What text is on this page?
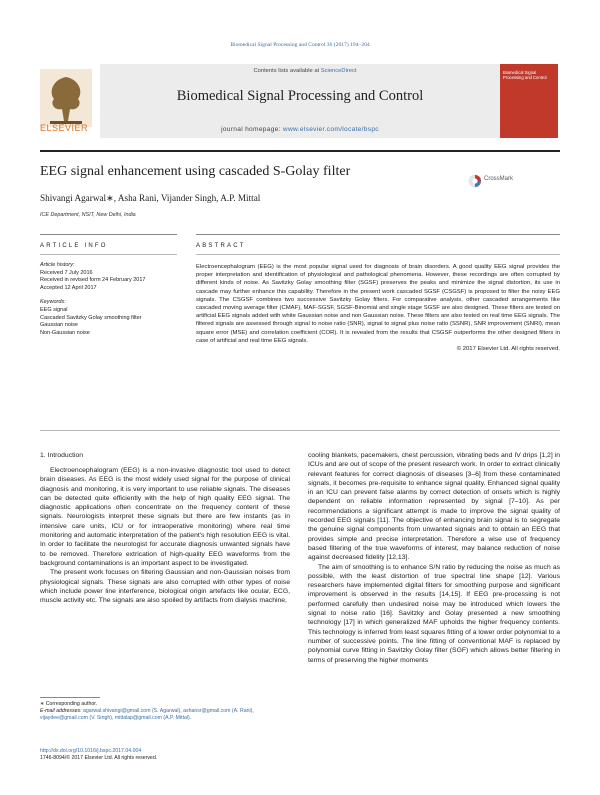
Biomedical Signal Processing and Control 36 (2017) 194–204
ELSEVIER
Contents lists available at ScienceDirect
Biomedical Signal Processing and Control
journal homepage: www.elsevier.com/locate/bspc
Biomedical Signal Processing and Control
EEG signal enhancement using cascaded S-Golay filter	CrossMark
Shivangi Agarwal∗, Asha Rani, Vijander Singh, A.P. Mittal
ICE Department, NSIT, New Delhi, India
ARTICLE INFO	ABSTRACT
Article history:
Received 7 July 2016
Received in revised form 24 February 2017
Accepted 12 April 2017
Keywords:
EEG signal
Cascaded Savitzky Golay smoothing filter
Gaussian noise
Non-Gaussian noise
Electroencephalogram (EEG) is the most popular signal used for diagnosis of brain disorders. A good quality EEG signal provides the proper interpretation and identification of physiological and pathological phenomena. However, these recordings are often corrupted by different kinds of noise. As Savitzky Golay smoothing filter (SGSF) preserves the peaks and minimize the signal distortion, its use in cascade may further enhance this capability. Therefore in the present work cascaded SGSF (CSGSF) is proposed to filter the noisy EEG signals. The CSGSF combines two successive Savitzky Golay filters. For comparative analysis, other cascaded arrangements like cascaded moving average filter (CMAF), MAF-SGSF, SGSF-Binomial and single stage SGSF are also designed. These filters are tested on artificial EEG signals added with white Gaussian noise and non Gaussian noise. These filters are also tested on real time EEG signals. The filtered signals are assessed through signal to noise ratio (SNR), signal to signal plus noise ratio (SSNR), SNR improvement (SNRI), mean square error (MSE) and correlation coefficient (COR). It is revealed from the results that CSGSF outperforms the other designed filters in case of artificial and real time EEG signals.
© 2017 Elsevier Ltd. All rights reserved.
1. Introduction

Electroencephalogram (EEG) is a non-invasive diagnostic tool used to detect brain diseases. As EEG is the most widely used signal for the purpose of clinical diagnosis and monitoring, it is very important to use reliable signals. The diseases can be detected quite efficiently with the help of high quality EEG signal. The diagnostic applications often concentrate on the frequency content of these signals. Neurologists interpret these signals but there are few instants (as in intensive care units, ICU or for intraoperative monitoring) where real time monitoring and automatic interpretation of the patient's high resolution EEG is vital. In order to facilitate the neurologist for accurate diagnosis unwanted signals have to be removed. Therefore extrication of high-quality EEG waveforms from the background contaminations is an important aspect to be investigated.

The present work focuses on filtering Gaussian and non-Gaussian noises from physiological signals. These signals are also corrupted with other types of noise which include power line interference, biological origin artefacts like ocular, ECG, muscle activity etc. The signals are also spoiled by artifacts from dialysis machine,

cooling blankets, pacemakers, chest percussion, vibrating beds and IV drips [1,2] in ICUs and are out of scope of the present research work. In order to extract clinically relevant features for correct diagnosis of diseases [3–6] from these contaminated signals, it becomes pre-requisite to enhance signal quality. Enhanced signal quality in an ICU can prevent false alarms by correct detection of onsets which is highly dependent on reliable information represented by signal [7–10]. As per recommendations a significant attempt is made to improve the signal quality of recorded EEG signals [11]. The objective of enhancing brain signal is to segregate the genuine signal components from unwanted signals and to obtain an EEG that provides simple and precise interpretation. Therefore a wise use of frequency based filtering of the true waveforms of interest, may balance reduction of noise against decreased fidelity [12,13].

The aim of smoothing is to enhance S/N ratio by reducing the noise as much as possible, with the least distortion of true spectral line shape [12]. Various researchers have implemented digital filters for smoothing purpose and significant improvement is observed in the results [14,15]. If EEG pre-processing is not performed carefully then undesired noise may be introduced which lowers the signal to noise ratio [16]. Savitzky and Golay presented a new smoothing technology [17] in which generalized MAF upholds the higher frequency contents. This technology is inferred from least squares fitting of a lower order polynomial to a number of successive points. The line fitting of conventional MAF is replaced by polynomial curve fitting in Savitzky Golay filter (SGF) which allows better filtering in terms of preserving the higher moments

∗ Corresponding author.
E-mail addresses: agarwal.shivangi@gmail.com (S. Agarwal), ashansr@gmail.com (A. Rani), vijaydee@gmail.com (V. Singh), mittalap@gmail.com (A.P. Mittal).
http://dx.doi.org/10.1016/j.bspc.2017.04.004
1746-8094/© 2017 Elsevier Ltd. All rights reserved.
